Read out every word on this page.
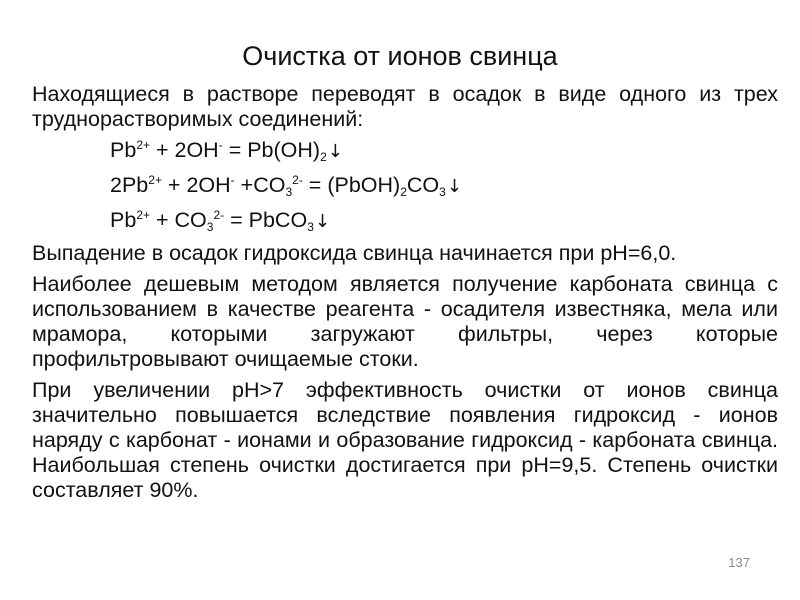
Очистка от ионов свинца

Находящиеся в растворе переводят в осадок в виде одного из трех труднорастворимых соединений:

$Pb^{2+} + 2OH^-$ = $Pb(OH)_2↓$
$2Pb^{2+} + 2OH^- +CO_3^{2-}$ = $(PbOH)_2CO_3↓$
$Pb^{2+} + CO_3^{2-}$ = PbCO$_3$↓

Выпадение в осадок гидроксида свинца начинается при pH=6,0.

Наиболее дешевым методом является получение карбоната свинца с использованием в качестве реагента - осадителя известняка, мела или мрамора, которыми загружают фильтры, через которые профильтровывают очищаемые стоки.

При увеличении pH>7 эффективность очистки от ионов свинца значительно повышается вследствие появления гидроксид - ионов наряду с карбонат - ионами и образование гидроксид - карбоната свинца. Наибольшая степень очистки достигается при pH=9,5. Степень очистки составляет 90%.

137
